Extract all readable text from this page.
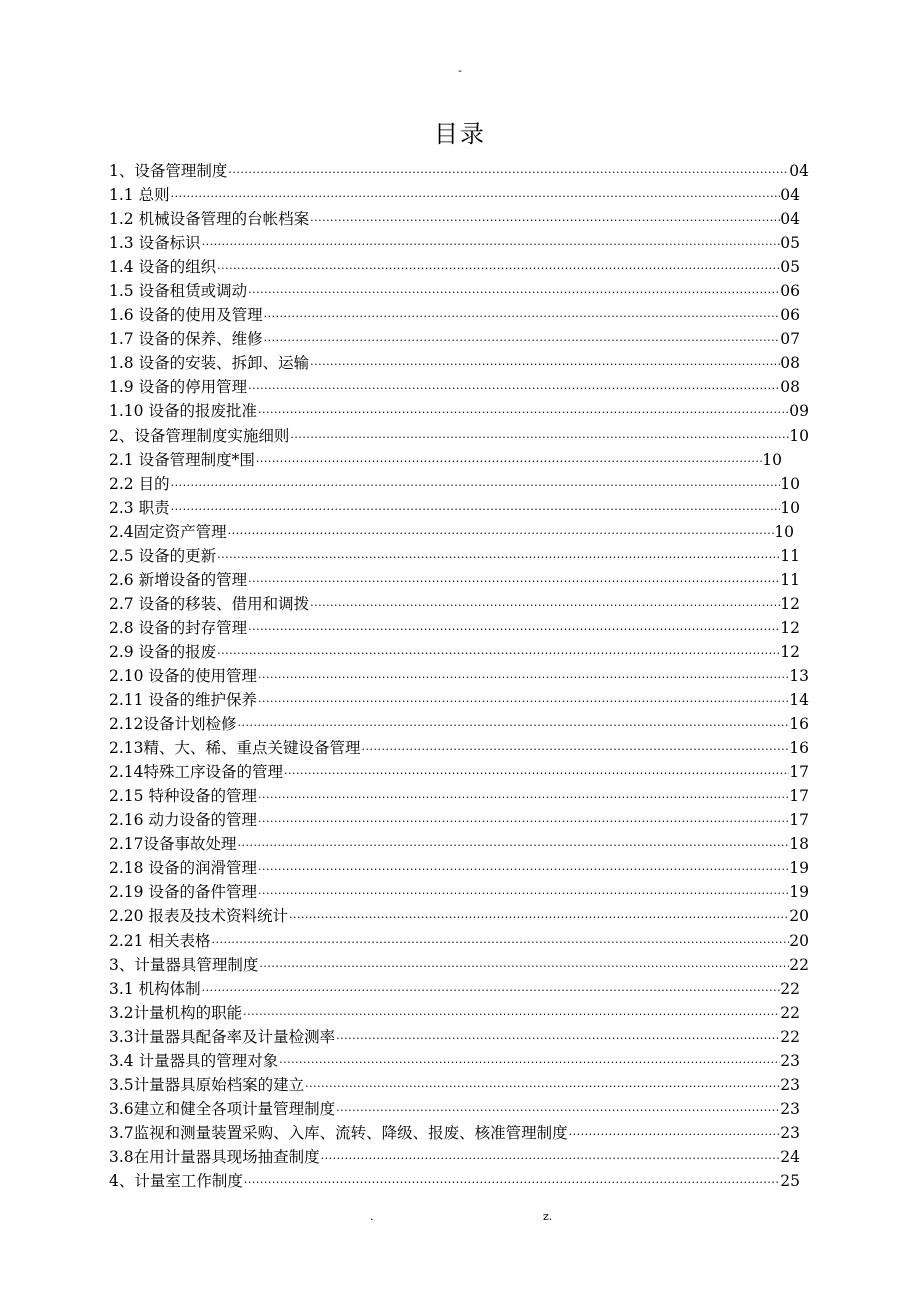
-
目录
1、设备管理制度 ·····	04
1.1 总则 ·····	04
1.2 机械设备管理的台帐档案 ·····	04
1.3 设备标识 ·····	05
1.4 设备的组织 ·····	05
1.5 设备租赁或调动 ·····	06
1.6 设备的使用及管理 ·····	06
1.7 设备的保养、维修 ·····	07
1.8 设备的安装、拆卸、运输 ·····	08
1.9 设备的停用管理 ·····	08
1.10 设备的报废批准 ·····	09
2、设备管理制度实施细则 ·····	10
2.1 设备管理制度*围 ·····	10
2.2 目的 ·····	10
2.3 职责 ·····	10
2.4固定资产管理 ·····	10
2.5 设备的更新 ·····	11
2.6 新增设备的管理 ·····	11
2.7 设备的移装、借用和调拨 ·····	12
2.8 设备的封存管理 ·····	12
2.9 设备的报废 ·····	12
2.10 设备的使用管理 ·····	13
2.11 设备的维护保养 ·····	14
2.12设备计划检修 ·····	16
2.13精、大、稀、重点关键设备管理 ·····	16
2.14特殊工序设备的管理 ·····	17
2.15 特种设备的管理 ·····	17
2.16 动力设备的管理 ·····	17
2.17设备事故处理 ·····	18
2.18 设备的润滑管理 ·····	19
2.19 设备的备件管理 ·····	19
2.20 报表及技术资料统计 ·····	20
2.21 相关表格 ·····	20
3、计量器具管理制度 ·····	22
3.1 机构体制 ·····	22
3.2计量机构的职能 ·····	22
3.3计量器具配备率及计量检测率 ·····	22
3.4 计量器具的管理对象 ·····	23
3.5计量器具原始档案的建立 ·····	23
3.6建立和健全各项计量管理制度 ·····	23
3.7监视和测量装置采购、入库、流转、降级、报废、核准管理制度 ·····	23
3.8在用计量器具现场抽查制度 ·····	24
4、计量室工作制度 ·····	25
.	z.
